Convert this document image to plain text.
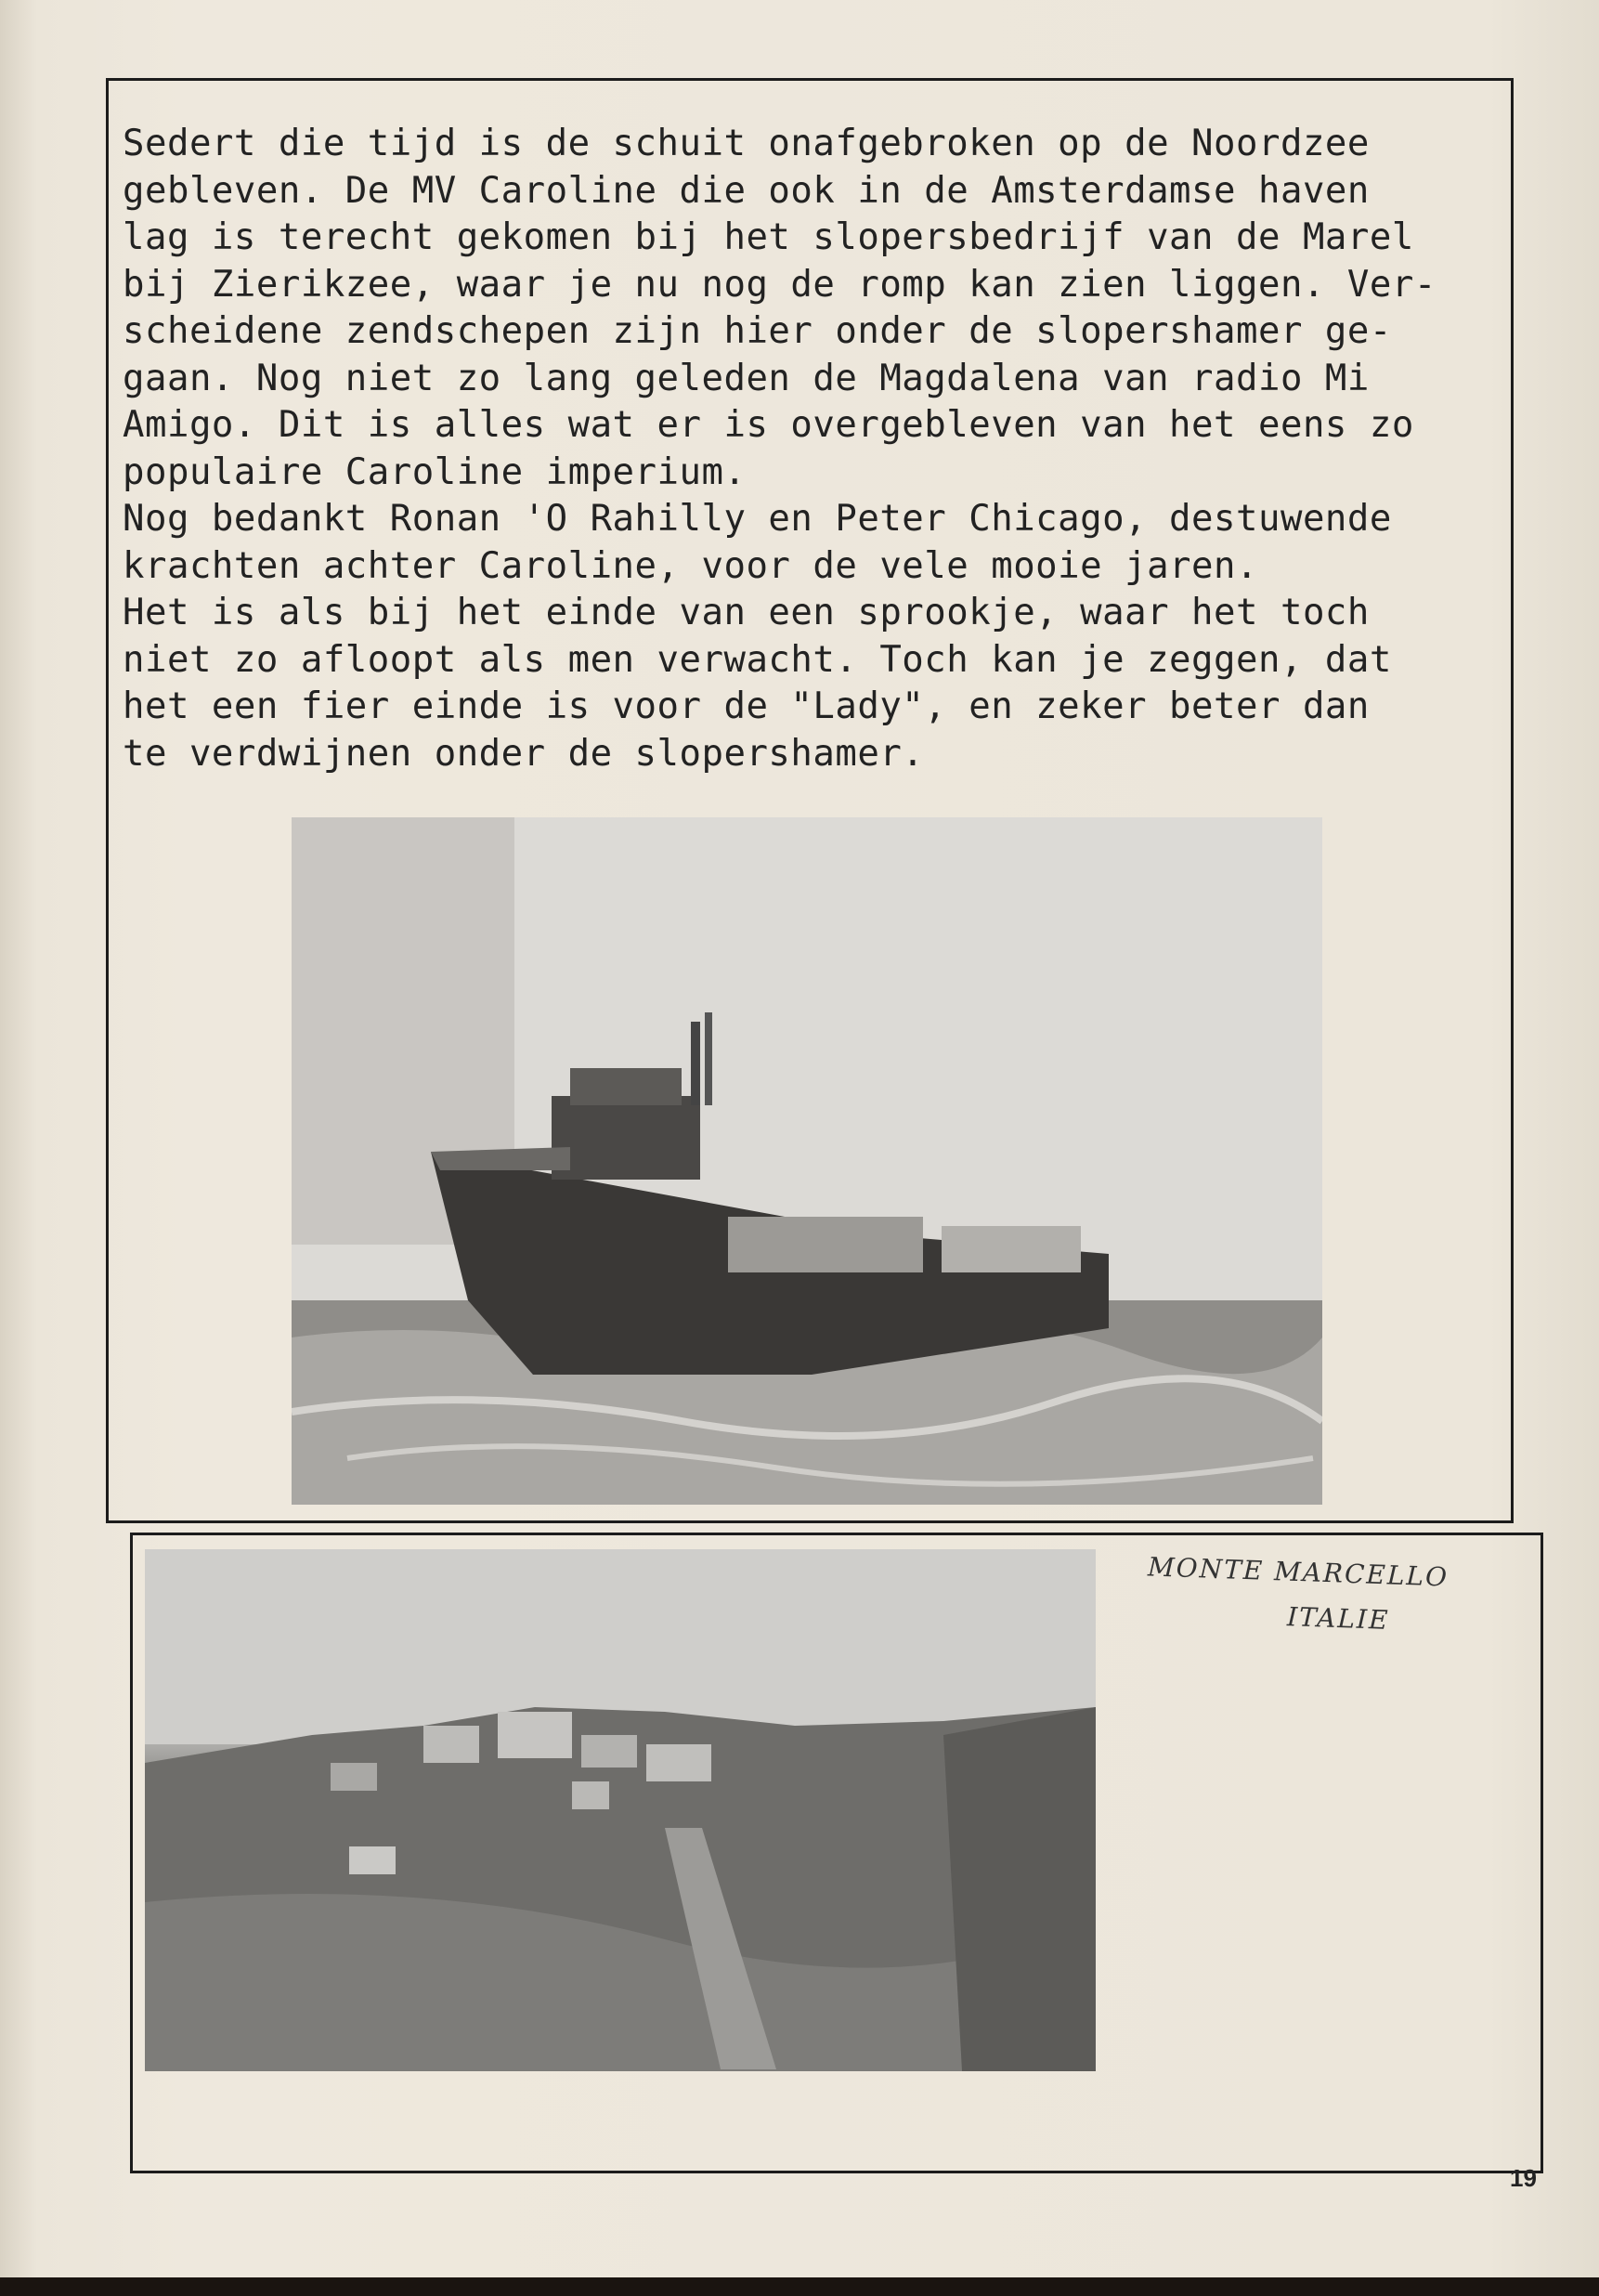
Sedert die tijd is de schuit onafgebroken op de Noordzee

gebleven. De MV Caroline die ook in de Amsterdamse haven

lag is terecht gekomen bij het slopersbedrijf van de Marel

bij Zierikzee, waar je nu nog de romp kan zien liggen. Ver-

scheidene zendschepen zijn hier onder de slopershamer ge-

gaan. Nog niet zo lang geleden de Magdalena van radio Mi

Amigo. Dit is alles wat er is overgebleven van het eens zo

populaire Caroline imperium.

Nog bedankt Ronan 'O Rahilly en Peter Chicago, destuwende

krachten achter Caroline, voor de vele mooie jaren.

Het is als bij het einde van een sprookje, waar het toch

niet zo afloopt als men verwacht. Toch kan je zeggen, dat

het een fier einde is voor de "Lady", en zeker beter dan

te verdwijnen onder de slopershamer.

MONTE MARCELLO
ITALIE
19
